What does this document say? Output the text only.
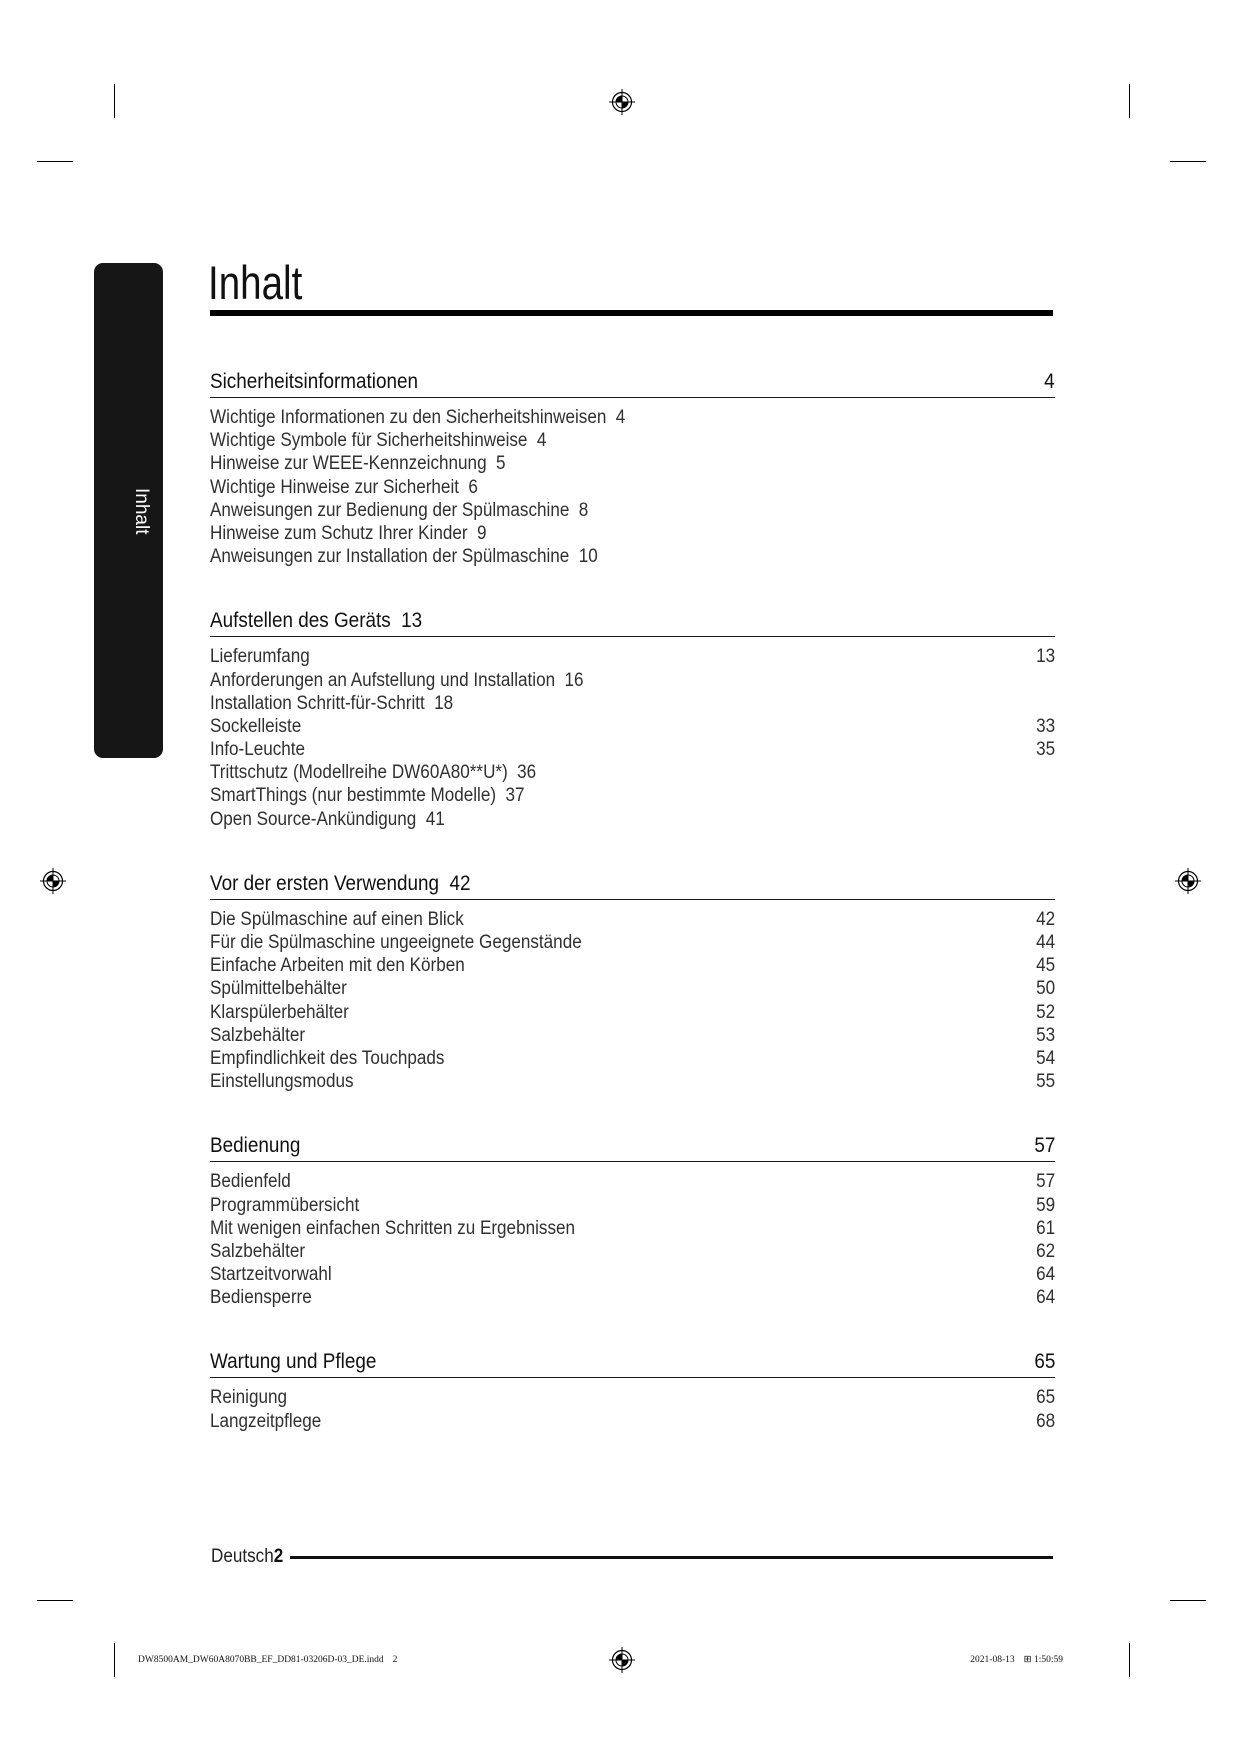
Inhalt
Inhalt
Sicherheitsinformationen	4
Wichtige Informationen zu den Sicherheitshinweisen 4
Wichtige Symbole für Sicherheitshinweise 4
Hinweise zur WEEE-Kennzeichnung 5
Wichtige Hinweise zur Sicherheit 6
Anweisungen zur Bedienung der Spülmaschine 8
Hinweise zum Schutz Ihrer Kinder 9
Anweisungen zur Installation der Spülmaschine 10
Aufstellen des Geräts 13
Lieferumfang	13
Anforderungen an Aufstellung und Installation 16
Installation Schritt-für-Schritt 18
Sockelleiste	33
Info-Leuchte	35
Trittschutz (Modellreihe DW60A80**U*) 36
SmartThings (nur bestimmte Modelle) 37
Open Source-Ankündigung 41
Vor der ersten Verwendung 42
Die Spülmaschine auf einen Blick	42
Für die Spülmaschine ungeeignete Gegenstände	44
Einfache Arbeiten mit den Körben	45
Spülmittelbehälter	50
Klarspülerbehälter	52
Salzbehälter	53
Empfindlichkeit des Touchpads	54
Einstellungsmodus	55
Bedienung	57
Bedienfeld	57
Programmübersicht	59
Mit wenigen einfachen Schritten zu Ergebnissen	61
Salzbehälter	62
Startzeitvorwahl	64
Bediensperre	64
Wartung und Pflege	65
Reinigung	65
Langzeitpflege	68
Deutsch2
DW8500AM_DW60A8070BB_EF_DD81-03206D-03_DE.indd 2	2021-08-13 ⊞ 1:50:59
